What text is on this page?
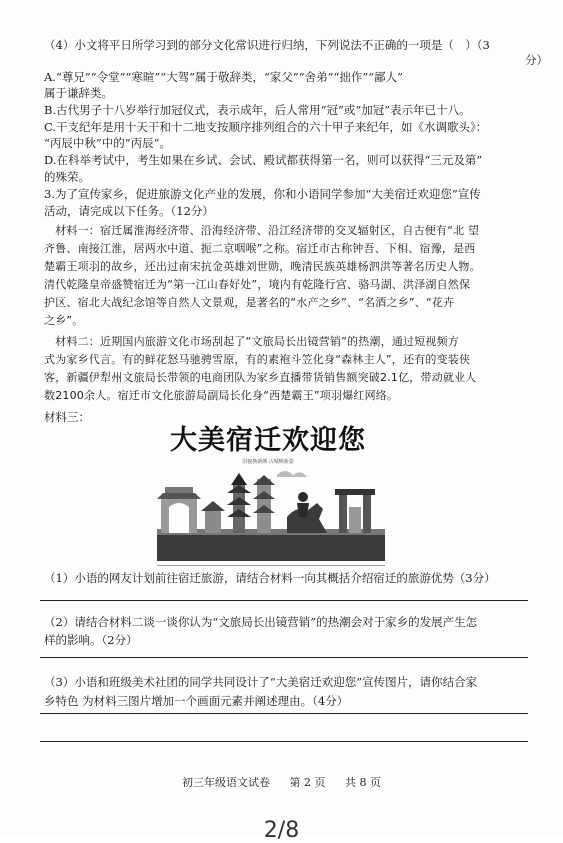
（4）小文将平日所学习到的部分文化常识进行归纳，下列说法不正确的一项是（　）（3
分）
A.“尊兄”“令堂”“寒暄”“大驾”属于敬辞类，“家父”“舍弟”“拙作”“鄙人”
属于谦辞类。
B.古代男子十八岁举行加冠仪式，表示成年，后人常用“冠”或“加冠”表示年已十八。
C.干支纪年是用十天干和十二地支按顺序排列组合的六十甲子来纪年，如《水调歌头》：
“丙辰中秋”中的“丙辰”。
D.在科举考试中，考生如果在乡试、会试、殿试都获得第一名，则可以获得“三元及第”
的殊荣。
3.为了宣传家乡，促进旅游文化产业的发展，你和小语同学参加“大美宿迁欢迎您”宣传
活动，请完成以下任务。（12分）
　材料一：宿迁属淮海经济带、沿海经济带、沿江经济带的交叉辐射区，自古便有“北 望
齐鲁、南接江淮，居两水中道、扼二京咽喉”之称。宿迁市古称钟吾、下相、宿豫，是西
楚霸王项羽的故乡，还出过南宋抗金英雄刘世勋，晚清民族英雄杨泗洪等著名历史人物。
清代乾隆皇帝盛赞宿迁为“第一江山春好处”，境内有乾隆行宫、骆马湖、洪泽湖自然保
护区、宿北大战纪念馆等自然人文景观，是著名的“水产之乡”、“名酒之乡”、“花卉
之乡”。
　材料二：近期国内旅游文化市场刮起了“文旅局长出镜营销”的热潮，通过短视频方
式为家乡代言。有的鲜花怒马驰骋雪原，有的素袍斗笠化身“森林主人”，还有的变装侠
客，新疆伊犁州文旅局长带领的电商团队为家乡直播带货销售额突破2.1亿，带动就业人
数2100余人。宿迁市文化旅游局副局长化身“西楚霸王”项羽爆红网络。
材料三：
大美宿迁欢迎您
旧貌换新颜 古城焕新姿
（1）小语的网友计划前往宿迁旅游，请结合材料一向其概括介绍宿迁的旅游优势（3分）
（2）请结合材料二谈一谈你认为“文旅局长出镜营销”的热潮会对于家乡的发展产生怎
样的影响。（2分）
（3）小语和班级美术社团的同学共同设计了“大美宿迁欢迎您”宣传图片，请你结合家
乡特色 为材料三图片增加一个画面元素并阐述理由。（4分）
初三年级语文试卷 第 2 页 共 8 页
2/8
